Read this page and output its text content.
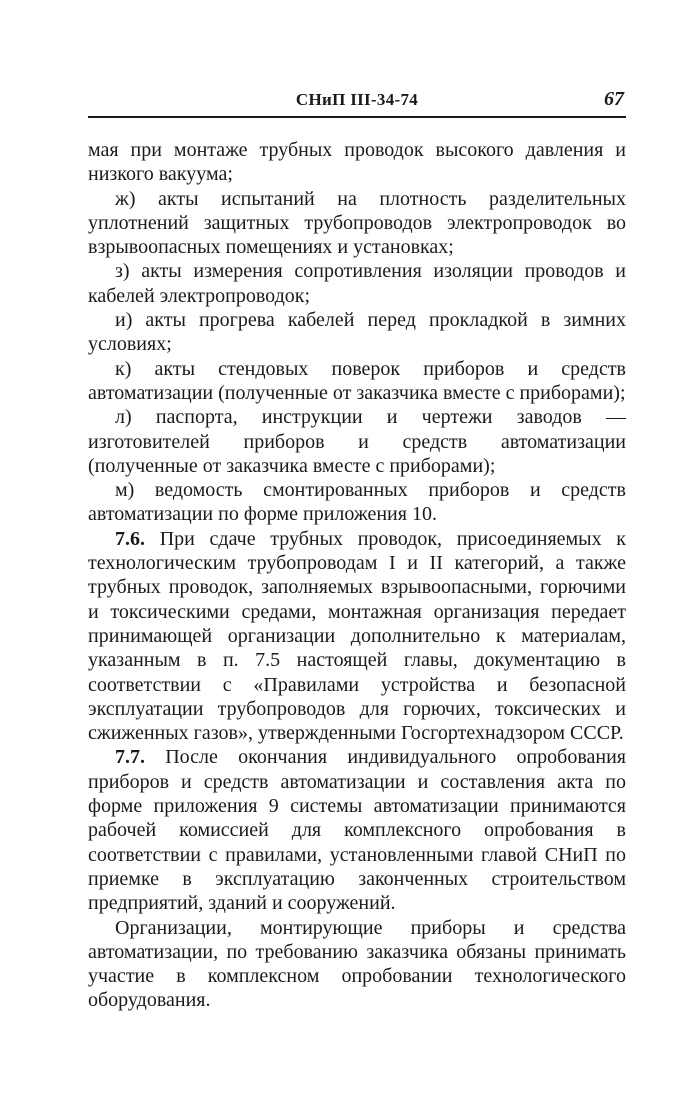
СНиП III-34-74	67

мая при монтаже трубных проводок высокого давления и низкого вакуума;

ж) акты испытаний на плотность разделительных уплотнений защитных трубопроводов электропроводок во взрывоопасных помещениях и установках;

з) акты измерения сопротивления изоляции проводов и кабелей электропроводок;

и) акты прогрева кабелей перед прокладкой в зимних условиях;

к) акты стендовых поверок приборов и средств автоматизации (полученные от заказчика вместе с приборами);

л) паспорта, инструкции и чертежи заводов — изготовителей приборов и средств автоматизации (полученные от заказчика вместе с приборами);

м) ведомость смонтированных приборов и средств автоматизации по форме приложения 10.

7.6. При сдаче трубных проводок, присоединяемых к технологическим трубопроводам I и II категорий, а также трубных проводок, заполняемых взрывоопасными, горючими и токсическими средами, монтажная организация передает принимающей организации дополнительно к материалам, указанным в п. 7.5 настоящей главы, документацию в соответствии с «Правилами устройства и безопасной эксплуатации трубопроводов для горючих, токсических и сжиженных газов», утвержденными Госгортехнадзором СССР.

7.7. После окончания индивидуального опробования приборов и средств автоматизации и составления акта по форме приложения 9 системы автоматизации принимаются рабочей комиссией для комплексного опробования в соответствии с правилами, установленными главой СНиП по приемке в эксплуатацию законченных строительством предприятий, зданий и сооружений.

Организации, монтирующие приборы и средства автоматизации, по требованию заказчика обязаны принимать участие в комплексном опробовании технологического оборудования.
